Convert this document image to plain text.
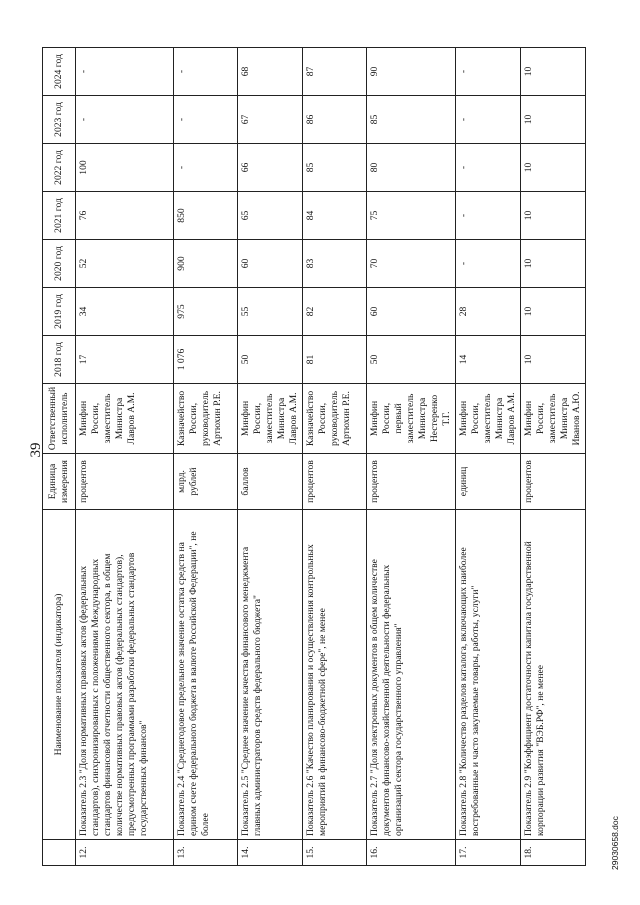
39
	Наименование показателя (индикатора)	Единица измерения	Ответственный исполнитель	2018 год	2019 год	2020 год	2021 год	2022 год	2023 год	2024 год
12.	Показатель 2.3 "Доля нормативных правовых актов (федеральных стандартов), синхронизированных с положениями Международных стандартов финансовой отчетности общественного сектора, в общем количестве нормативных правовых актов (федеральных стандартов), предусмотренных программами разработки федеральных стандартов государственных финансов"	процентов	Минфин России, заместитель Министра Лавров А.М.	17	34	52	76	100	-	-
13.	Показатель 2.4 "Среднегодовое предельное значение остатка средств на едином счете федерального бюджета в валюте Российской Федерации", не более	млрд. рублей	Казначейство России, руководитель Артюхин Р.Е.	1 076	975	900	850	-	-	-
14.	Показатель 2.5 "Среднее значение качества финансового менеджмента главных администраторов средств федерального бюджета"	баллов	Минфин России, заместитель Министра Лавров А.М.	50	55	60	65	66	67	68
15.	Показатель 2.6 "Качество планирования и осуществления контрольных мероприятий в финансово-бюджетной сфере", не менее	процентов	Казначейство России, руководитель Артюхин Р.Е.	81	82	83	84	85	86	87
16.	Показатель 2.7 "Доля электронных документов в общем количестве документов финансово-хозяйственной деятельности федеральных организаций сектора государственного управления"	процентов	Минфин России, первый заместитель Министра Нестеренко Т.Г.	50	60	70	75	80	85	90
17.	Показатель 2.8 "Количество разделов каталога, включающих наиболее востребованные и часто закупаемые товары, работы, услуги"	единиц	Минфин России, заместитель Министра Лавров А.М.	14	28	-	-	-	-	-
18.	Показатель 2.9 "Коэффициент достаточности капитала государственной корпорации развития "ВЭБ.РФ", не менее	процентов	Минфин России, заместитель Министра Иванов А.Ю.	10	10	10	10	10	10	10
29030658.doc
